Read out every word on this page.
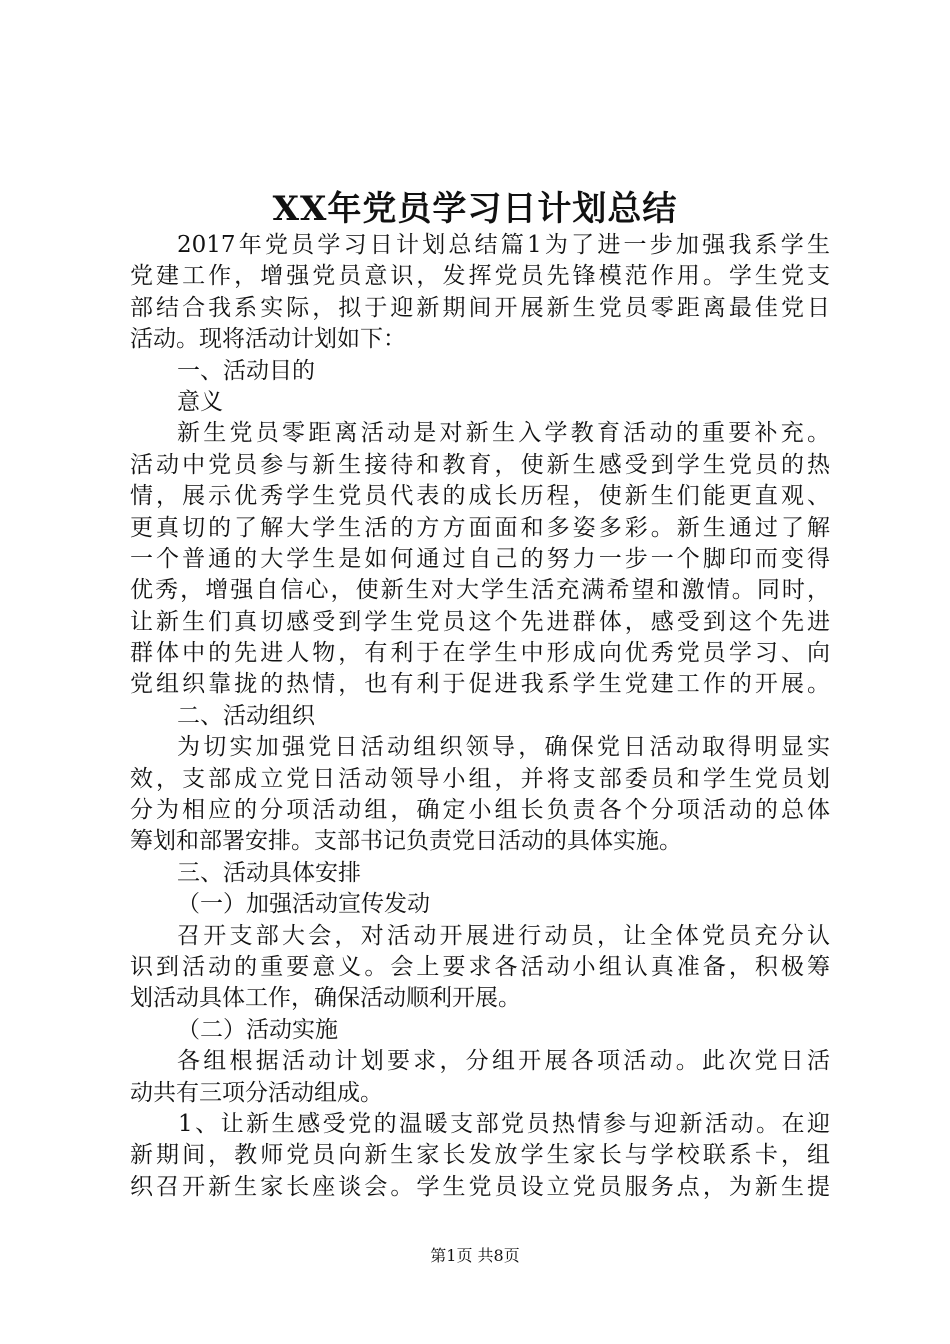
XX年党员学习日计划总结
2017年党员学习日计划总结篇1为了进一步加强我系学生
党建工作，增强党员意识，发挥党员先锋模范作用。学生党支
部结合我系实际，拟于迎新期间开展新生党员零距离最佳党日
活动。现将活动计划如下：
一、活动目的
意义
新生党员零距离活动是对新生入学教育活动的重要补充。
活动中党员参与新生接待和教育，使新生感受到学生党员的热
情，展示优秀学生党员代表的成长历程，使新生们能更直观、
更真切的了解大学生活的方方面面和多姿多彩。新生通过了解
一个普通的大学生是如何通过自己的努力一步一个脚印而变得
优秀，增强自信心，使新生对大学生活充满希望和激情。同时，
让新生们真切感受到学生党员这个先进群体，感受到这个先进
群体中的先进人物，有利于在学生中形成向优秀党员学习、向
党组织靠拢的热情，也有利于促进我系学生党建工作的开展。
二、活动组织
为切实加强党日活动组织领导，确保党日活动取得明显实
效，支部成立党日活动领导小组，并将支部委员和学生党员划
分为相应的分项活动组，确定小组长负责各个分项活动的总体
筹划和部署安排。支部书记负责党日活动的具体实施。
三、活动具体安排
（一）加强活动宣传发动
召开支部大会，对活动开展进行动员，让全体党员充分认
识到活动的重要意义。会上要求各活动小组认真准备，积极筹
划活动具体工作，确保活动顺利开展。
（二）活动实施
各组根据活动计划要求，分组开展各项活动。此次党日活
动共有三项分活动组成。
1、让新生感受党的温暖支部党员热情参与迎新活动。在迎
新期间，教师党员向新生家长发放学生家长与学校联系卡，组
织召开新生家长座谈会。学生党员设立党员服务点，为新生提
第1页 共8页
